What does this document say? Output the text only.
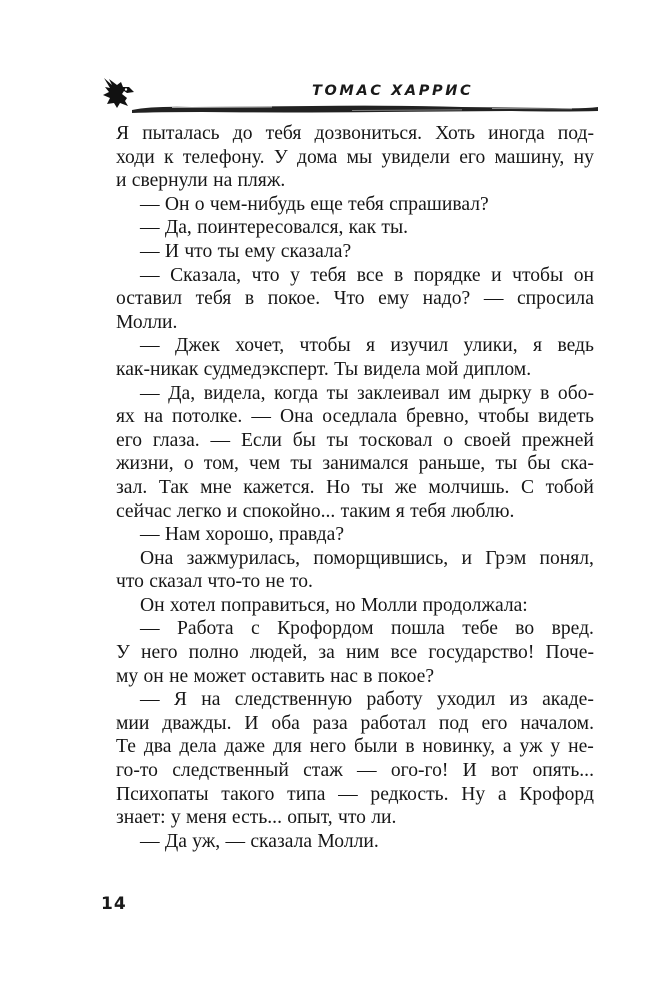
ТОМАС ХАРРИС
Я пыталась до тебя дозвониться. Хоть иногда под-
ходи к телефону. У дома мы увидели его машину, ну
и свернули на пляж.
— Он о чем-нибудь еще тебя спрашивал?
— Да, поинтересовался, как ты.
— И что ты ему сказала?
— Сказала, что у тебя все в порядке и чтобы он
оставил тебя в покое. Что ему надо? — спросила
Молли.
— Джек хочет, чтобы я изучил улики, я ведь
как-никак судмедэксперт. Ты видела мой диплом.
— Да, видела, когда ты заклеивал им дырку в обо-
ях на потолке. — Она оседлала бревно, чтобы видеть
его глаза. — Если бы ты тосковал о своей прежней
жизни, о том, чем ты занимался раньше, ты бы ска-
зал. Так мне кажется. Но ты же молчишь. С тобой
сейчас легко и спокойно... таким я тебя люблю.
— Нам хорошо, правда?
Она зажмурилась, поморщившись, и Грэм понял,
что сказал что-то не то.
Он хотел поправиться, но Молли продолжала:
— Работа с Крофордом пошла тебе во вред.
У него полно людей, за ним все государство! Поче-
му он не может оставить нас в покое?
— Я на следственную работу уходил из акаде-
мии дважды. И оба раза работал под его началом.
Те два дела даже для него были в новинку, а уж у не-
го-то следственный стаж — ого-го! И вот опять...
Психопаты такого типа — редкость. Ну а Крофорд
знает: у меня есть... опыт, что ли.
— Да уж, — сказала Молли.
14
